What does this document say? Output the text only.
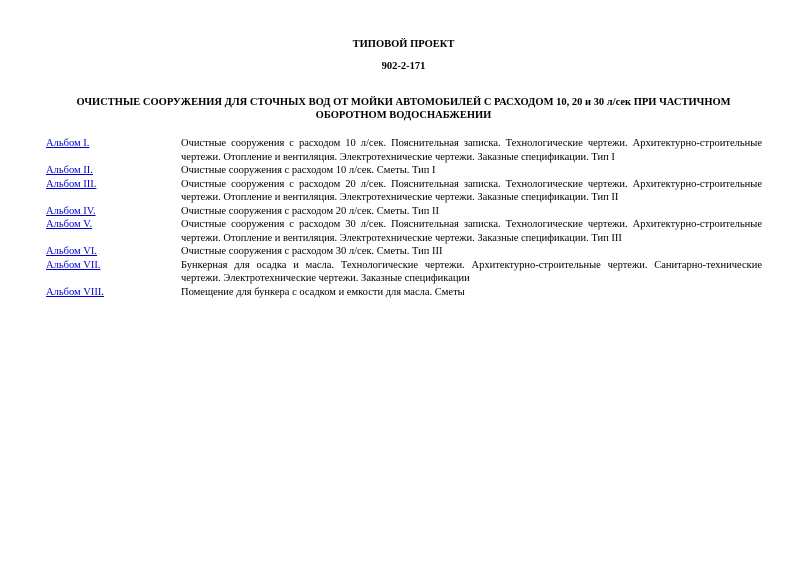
ТИПОВОЙ ПРОЕКТ
902-2-171
ОЧИСТНЫЕ СООРУЖЕНИЯ ДЛЯ СТОЧНЫХ ВОД ОТ МОЙКИ АВТОМОБИЛЕЙ С РАСХОДОМ 10, 20 и 30 л/сек ПРИ ЧАСТИЧНОМ ОБОРОТНОМ ВОДОСНАБЖЕНИИ
Альбом I.	Очистные сооружения с расходом 10 л/сек. Пояснительная записка. Технологические чертежи. Архитектурно-строительные чертежи. Отопление и вентиляция. Электротехнические чертежи. Заказные спецификации. Тип I
Альбом II.	Очистные сооружения с расходом 10 л/сек. Сметы. Тип I
Альбом III.	Очистные сооружения с расходом 20 л/сек. Пояснительная записка. Технологические чертежи. Архитектурно-строительные чертежи. Отопление и вентиляция. Электротехнические чертежи. Заказные спецификации. Тип II
Альбом IV.	Очистные сооружения с расходом 20 л/сек. Сметы. Тип II
Альбом V.	Очистные сооружения с расходом 30 л/сек. Пояснительная записка. Технологические чертежи. Архитектурно-строительные чертежи. Отопление и вентиляция. Электротехнические чертежи. Заказные спецификации. Тип III
Альбом VI.	Очистные сооружения с расходом 30 л/сек. Сметы. Тип III
Альбом VII.	Бункерная для осадка и масла. Технологические чертежи. Архитектурно-строительные чертежи. Санитарно-технические чертежи. Электротехнические чертежи. Заказные спецификации
Альбом VIII.	Помещение для бункера с осадком и емкости для масла. Сметы
